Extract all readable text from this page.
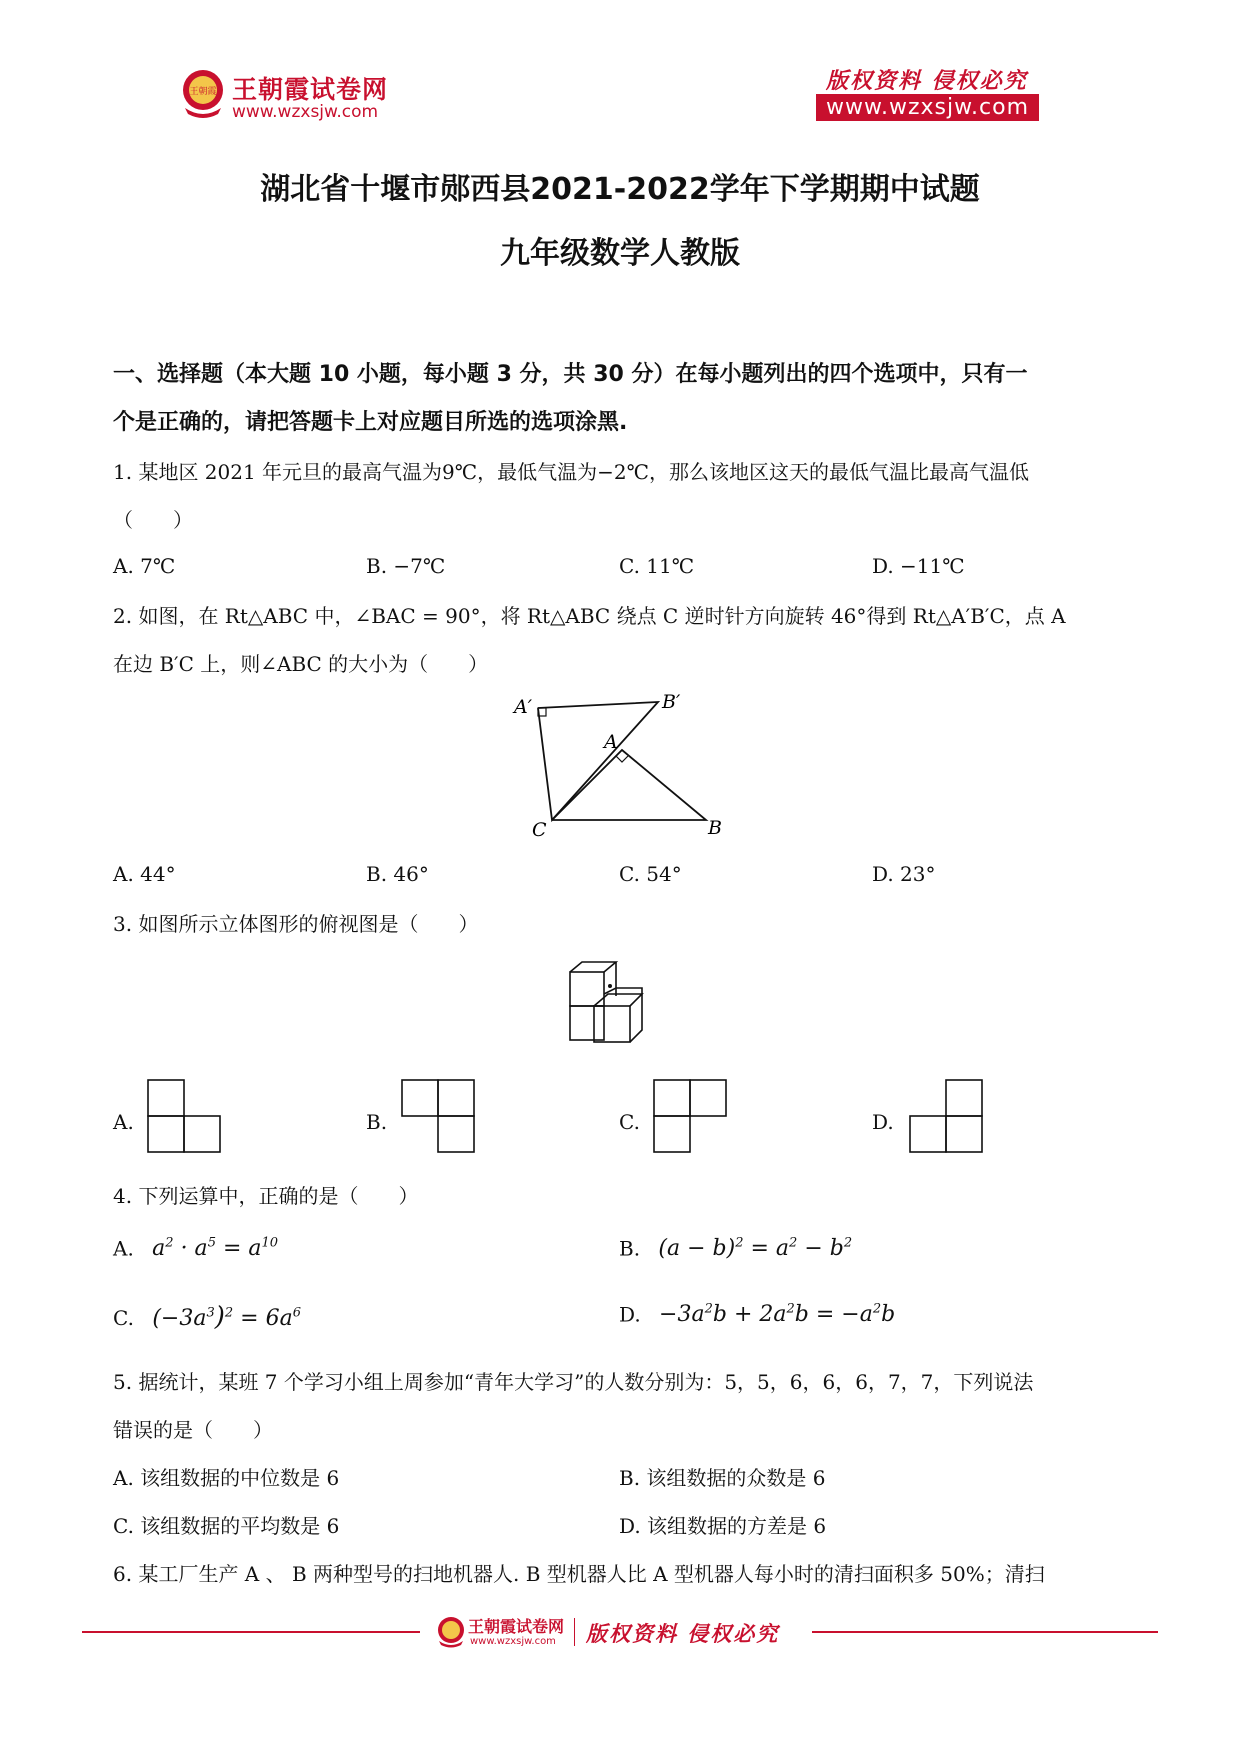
王朝霞 王朝霞试卷网
www.wzxsjw.com
版权资料 侵权必究
www.wzxsjw.com
湖北省十堰市郧西县2021-2022学年下学期期中试题
九年级数学人教版
一、选择题（本大题 10 小题，每小题 3 分，共 30 分）在每小题列出的四个选项中，只有一
个是正确的，请把答题卡上对应题目所选的选项涂黑.
1. 某地区 2021 年元旦的最高气温为9℃，最低气温为−2℃，那么该地区这天的最低气温比最高气温低
（　　）
A. 7℃	B. −7℃	C. 11℃	D. −11℃
2. 如图，在 Rt△ABC 中，∠BAC = 90°，将 Rt△ABC 绕点 C 逆时针方向旋转 46°得到 Rt△A′B′C，点 A
在边 B′C 上，则∠ABC 的大小为（　　）
A′	B′
A
C	B
A. 44°	B. 46°	C. 54°	D. 23°
3. 如图所示立体图形的俯视图是（　　）
A.	B.	C.	D.
4. 下列运算中，正确的是（　　）
A. $a^2 \cdot a^5 = a^{10}$	B. $(a - b)^2 = a^2 - b^2$
C. $(-3a^3)^2 = 6a^6$	D. $-3a^2b + 2a^2b = -a^2b$
5. 据统计，某班 7 个学习小组上周参加“青年大学习”的人数分别为：5，5，6，6，6，7，7，下列说法
错误的是（　　）
A. 该组数据的中位数是 6	B. 该组数据的众数是 6
C. 该组数据的平均数是 6	D. 该组数据的方差是 6
6. 某工厂生产 A 、 B 两种型号的扫地机器人. B 型机器人比 A 型机器人每小时的清扫面积多 50%；清扫
王朝霞试卷网
www.wzxsjw.com 版权资料 侵权必究
